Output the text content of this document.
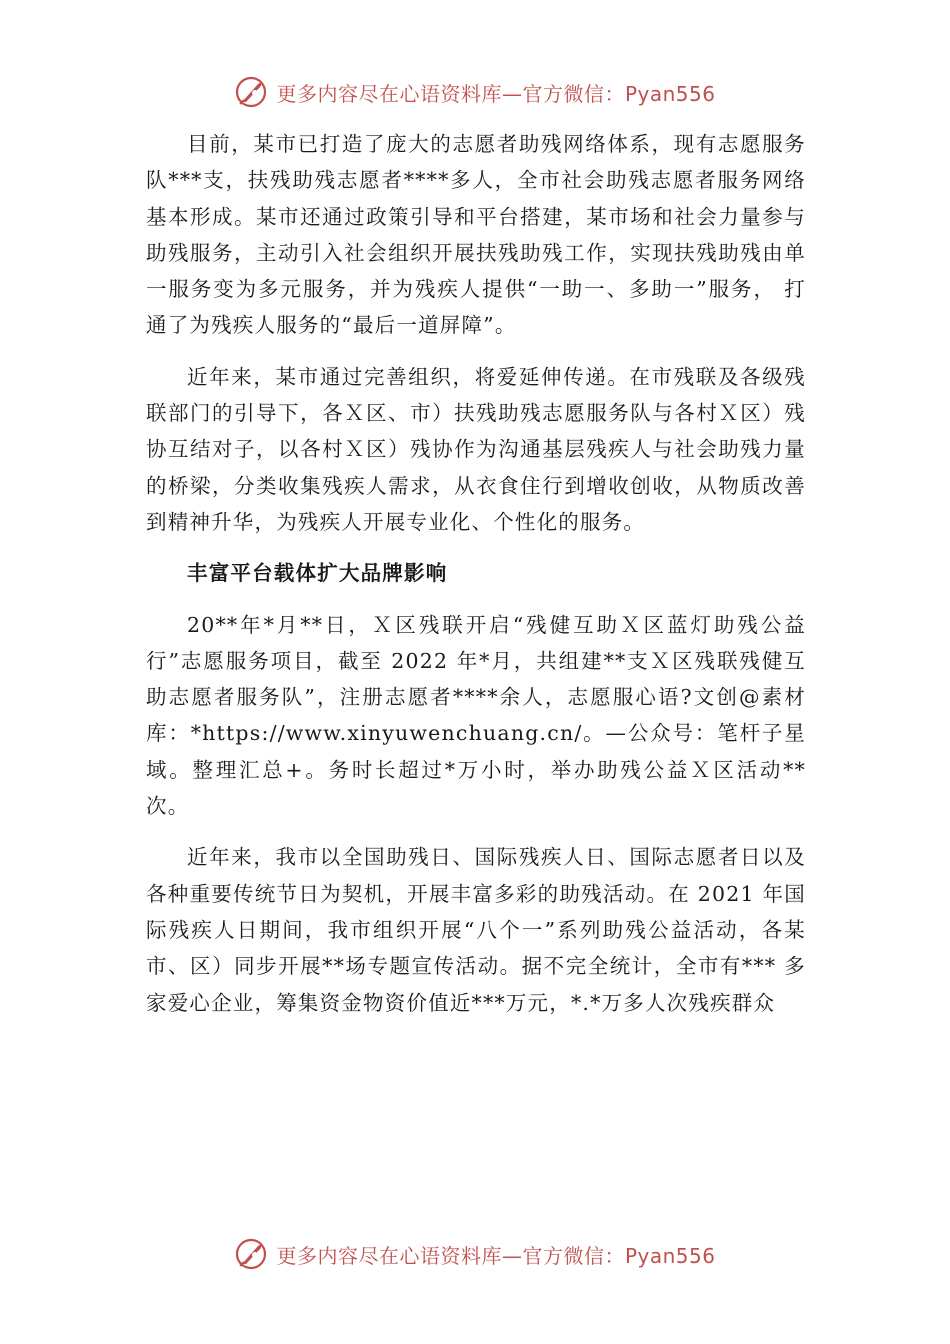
更多内容尽在心语资料库—官方微信：Pyan556

目前，某市已打造了庞大的志愿者助残网络体系，现有志愿服务队***支，扶残助残志愿者****多人，全市社会助残志愿者服务网络基本形成。某市还通过政策引导和平台搭建，某市场和社会力量参与助残服务，主动引入社会组织开展扶残助残工作，实现扶残助残由单一服务变为多元服务，并为残疾人提供“一助一、多助一”服务， 打通了为残疾人服务的“最后一道屏障”。

近年来，某市通过完善组织，将爱延伸传递。在市残联及各级残联部门的引导下，各Ｘ区、市）扶残助残志愿服务队与各村Ｘ区）残协互结对子，以各村Ｘ区）残协作为沟通基层残疾人与社会助残力量的桥梁，分类收集残疾人需求，从衣食住行到增收创收，从物质改善到精神升华，为残疾人开展专业化、个性化的服务。

丰富平台载体扩大品牌影响

20**年*月**日，Ｘ区残联开启“残健互助Ｘ区蓝灯助残公益行”志愿服务项目，截至 2022 年*月，共组建**支Ｘ区残联残健互助志愿者服务队”，注册志愿者****余人，志愿服心语?文创@素材库：*https://www.xinyuwenchuang.cn/。—公众号：笔杆子星域。整理汇总+。务时长超过*万小时，举办助残公益Ｘ区活动**次。

近年来，我市以全国助残日、国际残疾人日、国际志愿者日以及各种重要传统节日为契机，开展丰富多彩的助残活动。在 2021 年国际残疾人日期间，我市组织开展“八个一”系列助残公益活动，各某市、区）同步开展**场专题宣传活动。据不完全统计，全市有*** 多家爱心企业，筹集资金物资价值近***万元，*.*万多人次残疾群众

更多内容尽在心语资料库—官方微信：Pyan556
